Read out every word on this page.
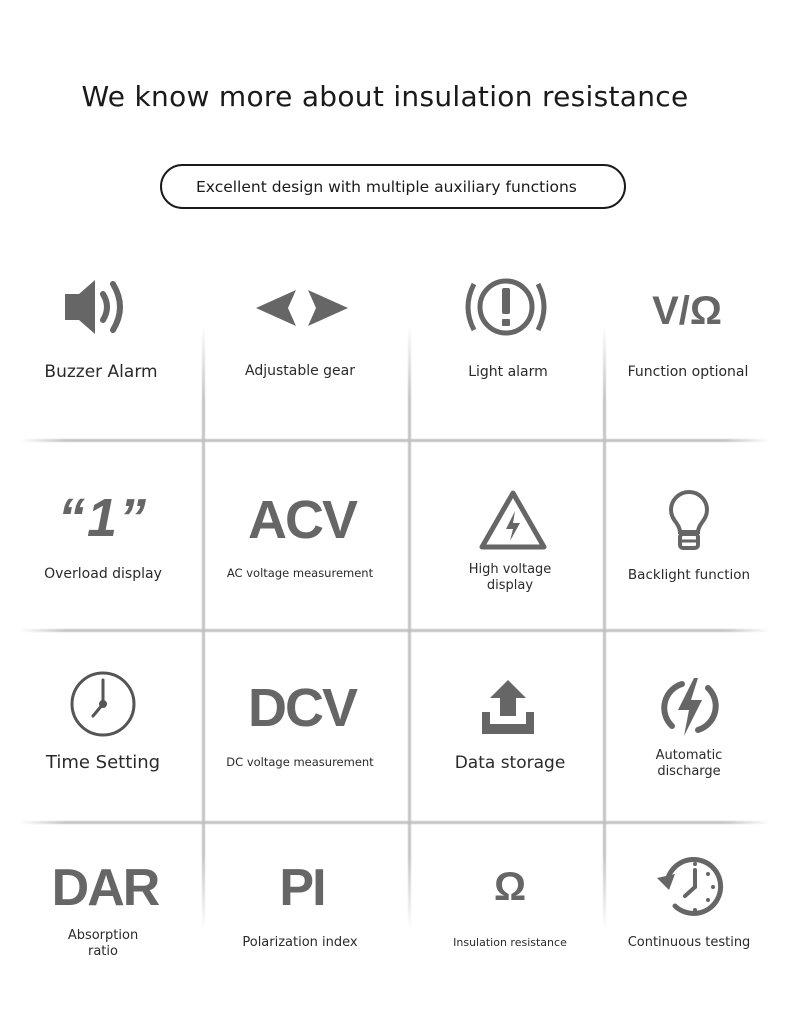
We know more about insulation resistance
Excellent design with multiple auxiliary functions
Buzzer Alarm	Adjustable gear	Light alarm
V/Ω
Function optional
“1”
Overload display
ACV
AC voltage measurement	High voltage
display
Backlight function
Time Setting
DCV
DC voltage measurement	Data storage	Automatic
discharge
DAR
Absorption
ratio
PI
Polarization index
Ω
Insulation resistance	Continuous testing
